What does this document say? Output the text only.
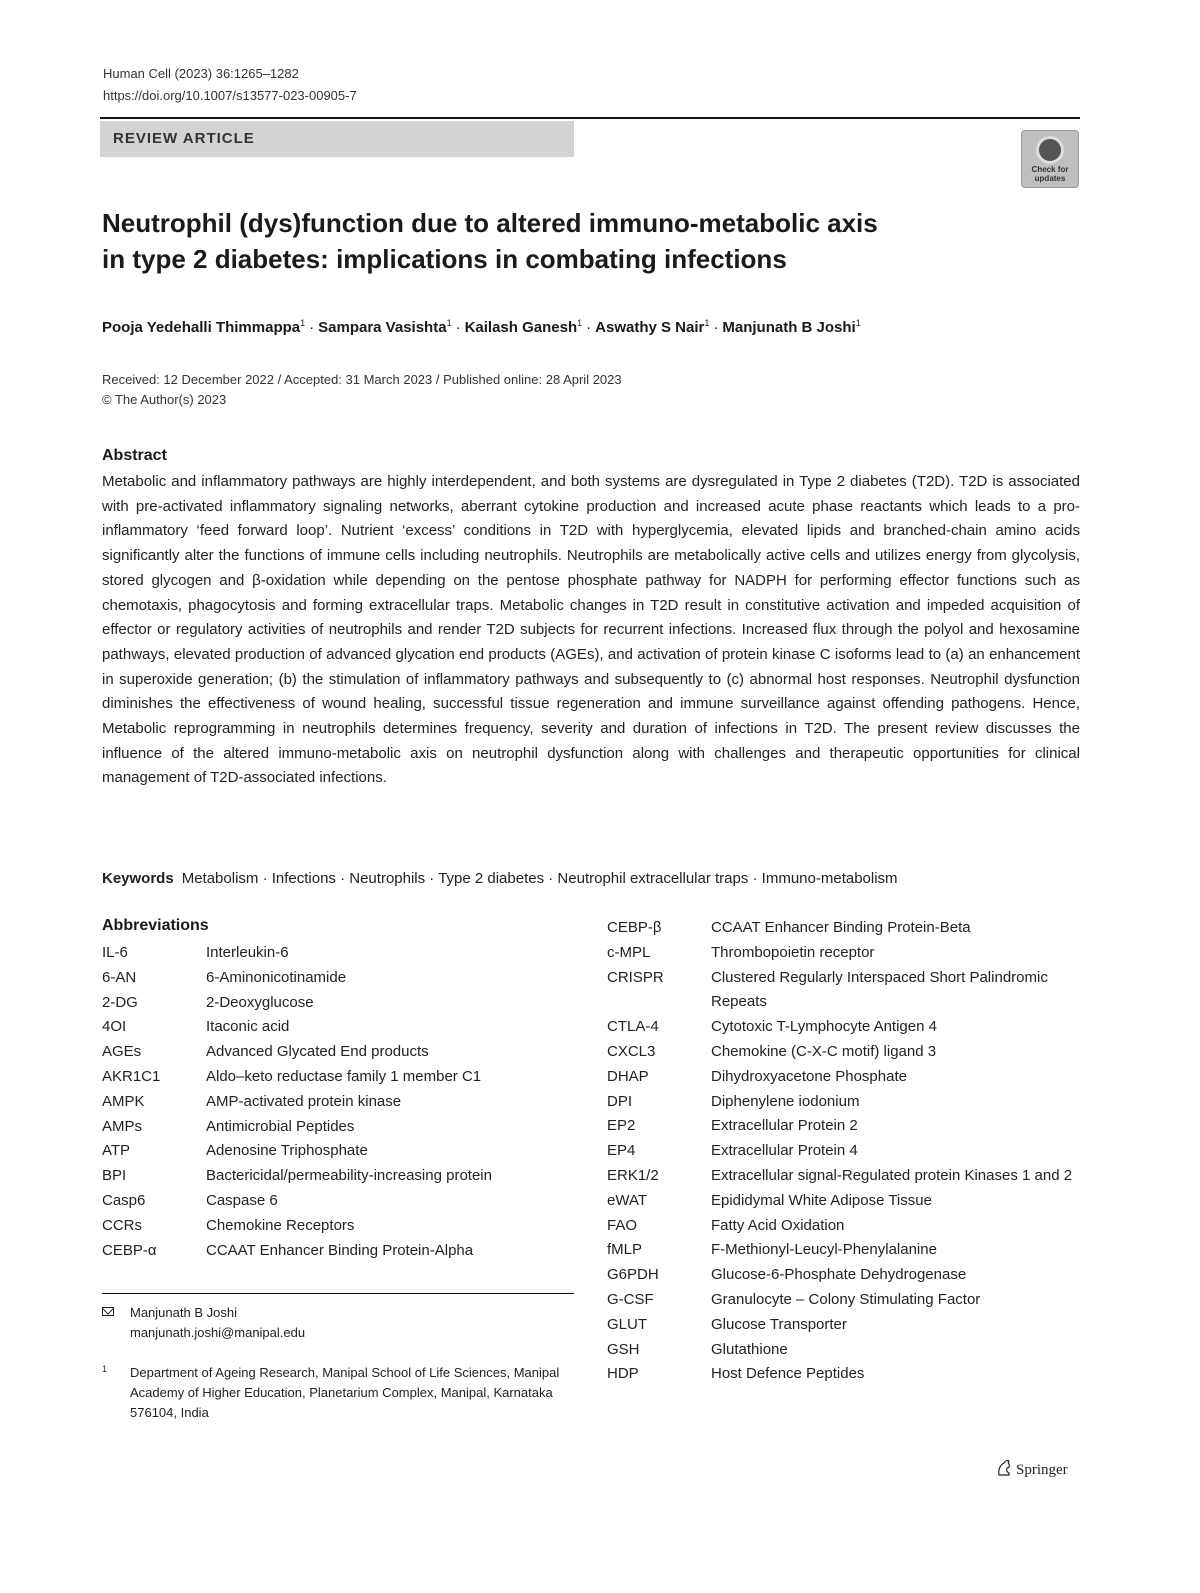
Human Cell (2023) 36:1265–1282
https://doi.org/10.1007/s13577-023-00905-7
REVIEW ARTICLE
Check for updates
Neutrophil (dys)function due to altered immuno-metabolic axis
in type 2 diabetes: implications in combating infections
Pooja Yedehalli Thimmappa$^1$ · Sampara Vasishta$^1$ · Kailash Ganesh$^1$ · Aswathy S Nair$^1$ · Manjunath B Joshi$^1$
Received: 12 December 2022 / Accepted: 31 March 2023 / Published online: 28 April 2023
© The Author(s) 2023
Abstract
Metabolic and inflammatory pathways are highly interdependent, and both systems are dysregulated in Type 2 diabetes (T2D). T2D is associated with pre-activated inflammatory signaling networks, aberrant cytokine production and increased acute phase reactants which leads to a pro-inflammatory ‘feed forward loop’. Nutrient ‘excess’ conditions in T2D with hyperglycemia, elevated lipids and branched-chain amino acids significantly alter the functions of immune cells including neutrophils. Neutrophils are metabolically active cells and utilizes energy from glycolysis, stored glycogen and β-oxidation while depending on the pentose phosphate pathway for NADPH for performing effector functions such as chemotaxis, phagocytosis and forming extracellular traps. Metabolic changes in T2D result in constitutive activation and impeded acquisition of effector or regulatory activities of neutrophils and render T2D subjects for recurrent infections. Increased flux through the polyol and hexosamine pathways, elevated production of advanced glycation end products (AGEs), and activation of protein kinase C isoforms lead to (a) an enhancement in superoxide generation; (b) the stimulation of inflammatory pathways and subsequently to (c) abnormal host responses. Neutrophil dysfunction diminishes the effectiveness of wound healing, successful tissue regeneration and immune surveillance against offending pathogens. Hence, Metabolic reprogramming in neutrophils determines frequency, severity and duration of infections in T2D. The present review discusses the influence of the altered immuno-metabolic axis on neutrophil dysfunction along with challenges and therapeutic opportunities for clinical management of T2D-associated infections.
Keywords Metabolism · Infections · Neutrophils · Type 2 diabetes · Neutrophil extracellular traps · Immuno-metabolism
Abbreviations
IL-6	Interleukin-6
6-AN	6-Aminonicotinamide
2-DG	2-Deoxyglucose
4OI	Itaconic acid
AGEs	Advanced Glycated End products
AKR1C1	Aldo–keto reductase family 1 member C1
AMPK	AMP-activated protein kinase
AMPs	Antimicrobial Peptides
ATP	Adenosine Triphosphate
BPI	Bactericidal/permeability-increasing protein
Casp6	Caspase 6
CCRs	Chemokine Receptors
CEBP-α	CCAAT Enhancer Binding Protein-Alpha
CEBP-β	CCAAT Enhancer Binding Protein-Beta
c-MPL	Thrombopoietin receptor
CRISPR	Clustered Regularly Interspaced Short Palindromic Repeats
CTLA-4	Cytotoxic T-Lymphocyte Antigen 4
CXCL3	Chemokine (C-X-C motif) ligand 3
DHAP	Dihydroxyacetone Phosphate
DPI	Diphenylene iodonium
EP2	Extracellular Protein 2
EP4	Extracellular Protein 4
ERK1/2	Extracellular signal-Regulated protein Kinases 1 and 2
eWAT	Epididymal White Adipose Tissue
FAO	Fatty Acid Oxidation
fMLP	F-Methionyl-Leucyl-Phenylalanine
G6PDH	Glucose-6-Phosphate Dehydrogenase
G-CSF	Granulocyte – Colony Stimulating Factor
GLUT	Glucose Transporter
GSH	Glutathione
HDP	Host Defence Peptides
Manjunath B Joshi
manjunath.joshi@manipal.edu
1 Department of Ageing Research, Manipal School of Life Sciences, Manipal Academy of Higher Education, Planetarium Complex, Manipal, Karnataka 576104, India
Springer
